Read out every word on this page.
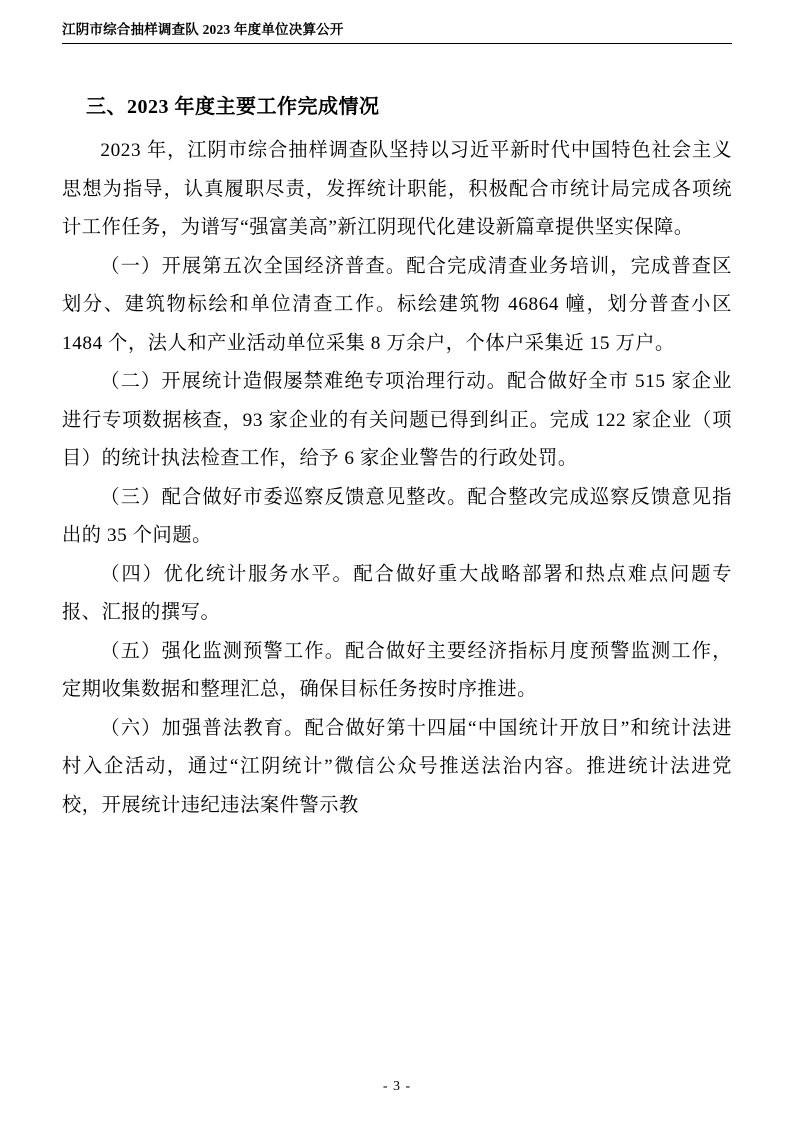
江阴市综合抽样调查队 2023 年度单位决算公开
三、2023 年度主要工作完成情况

2023 年，江阴市综合抽样调查队坚持以习近平新时代中国特色社会主义思想为指导，认真履职尽责，发挥统计职能，积极配合市统计局完成各项统计工作任务，为谱写“强富美高”新江阴现代化建设新篇章提供坚实保障。

（一）开展第五次全国经济普查。配合完成清查业务培训，完成普查区划分、建筑物标绘和单位清查工作。标绘建筑物 46864 幢，划分普查小区 1484 个，法人和产业活动单位采集 8 万余户，个体户采集近 15 万户。

（二）开展统计造假屡禁难绝专项治理行动。配合做好全市 515 家企业进行专项数据核查，93 家企业的有关问题已得到纠正。完成 122 家企业（项目）的统计执法检查工作，给予 6 家企业警告的行政处罚。

（三）配合做好市委巡察反馈意见整改。配合整改完成巡察反馈意见指出的 35 个问题。

（四）优化统计服务水平。配合做好重大战略部署和热点难点问题专报、汇报的撰写。

（五）强化监测预警工作。配合做好主要经济指标月度预警监测工作，定期收集数据和整理汇总，确保目标任务按时序推进。

（六）加强普法教育。配合做好第十四届“中国统计开放日”和统计法进村入企活动，通过“江阴统计”微信公众号推送法治内容。推进统计法进党校，开展统计违纪违法案件警示教

- 3 -
